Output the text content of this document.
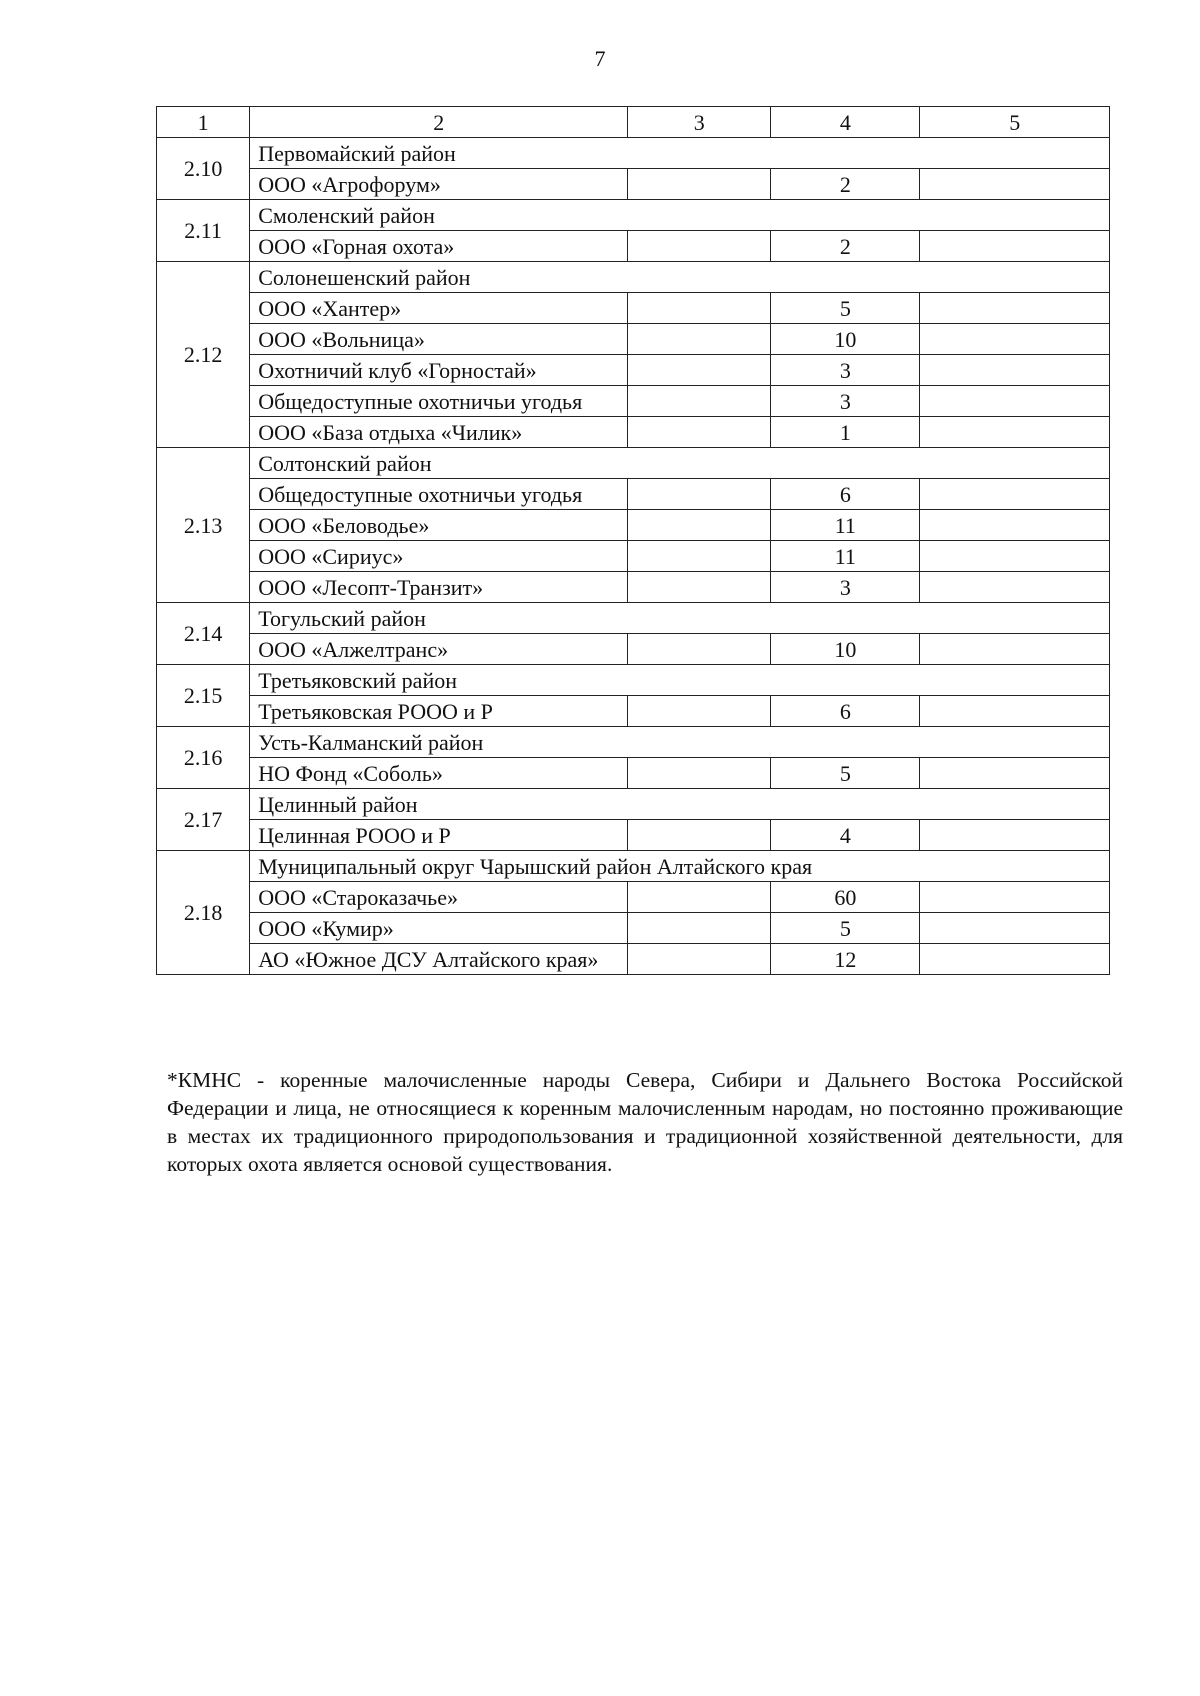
7
1	2	3	4	5
2.10	Первомайский район			
	ООО «Агрофорум»		2	
2.11	Смоленский район			
	ООО «Горная охота»		2	
2.12	Солонешенский район			
	ООО «Хантер»		5	
	ООО «Вольница»		10	
	Охотничий клуб «Горностай»		3	
	Общедоступные охотничьи угодья		3	
	ООО «База отдыха «Чилик»		1	
2.13	Солтонский район			
	Общедоступные охотничьи угодья		6	
	ООО «Беловодье»		11	
	ООО «Сириус»		11	
	ООО «Лесопт-Транзит»		3	
2.14	Тогульский район			
	ООО «Алжелтранс»		10	
2.15	Третьяковский район			
	Третьяковская РООО и Р		6	
2.16	Усть-Калманский район			
	НО Фонд «Соболь»		5	
2.17	Целинный район			
	Целинная РООО и Р		4	
2.18	Муниципальный округ Чарышский район Алтайского края			
	ООО «Староказачье»		60	
	ООО «Кумир»		5	
	АО «Южное ДСУ Алтайского края»		12	
*КМНС - коренные малочисленные народы Севера, Сибири и Дальнего Востока Российской Федерации и лица, не относящиеся к коренным малочисленным народам, но постоянно проживающие в местах их традиционного природопользования и традиционной хозяйственной деятельности, для которых охота является основой существования.
